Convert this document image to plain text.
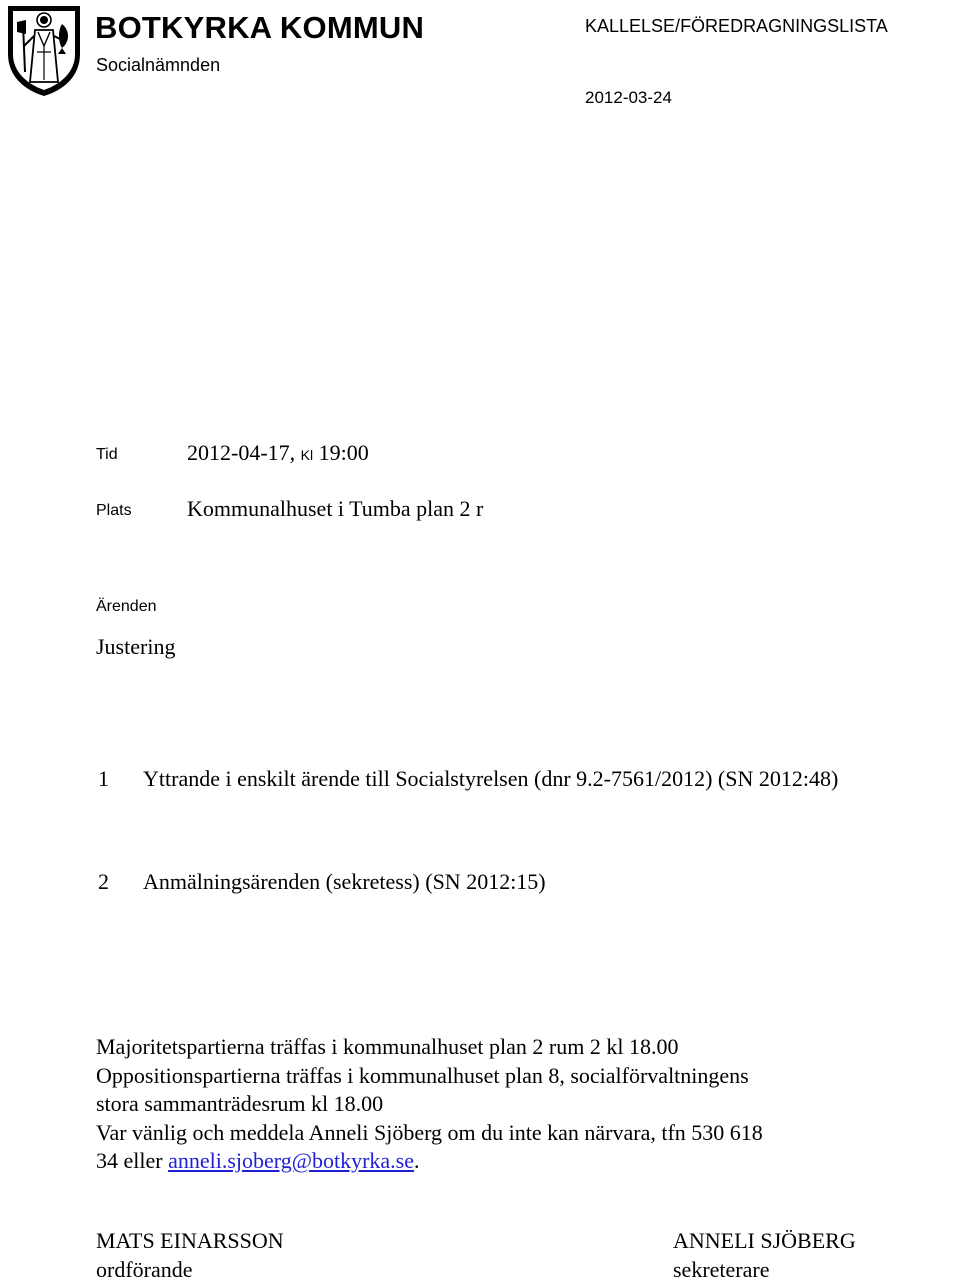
BOTKYRKA KOMMUN
Socialnämnden
KALLELSE/FÖREDRAGNINGSLISTA
2012-03-24
Tid	2012-04-17, Kl 19:00
Plats	Kommunalhuset i Tumba plan 2 r
Ärenden
Justering
1 Yttrande i enskilt ärende till Socialstyrelsen (dnr 9.2-7561/2012) (SN 2012:48)
2 Anmälningsärenden (sekretess) (SN 2012:15)
Majoritetspartierna träffas i kommunalhuset plan 2 rum 2 kl 18.00
Oppositionspartierna träffas i kommunalhuset plan 8, socialförvaltningens
stora sammanträdesrum kl 18.00
Var vänlig och meddela Anneli Sjöberg om du inte kan närvara, tfn 530 618
34 eller anneli.sjoberg@botkyrka.se.
MATS EINARSSON
ordförande
ANNELI SJÖBERG
sekreterare
